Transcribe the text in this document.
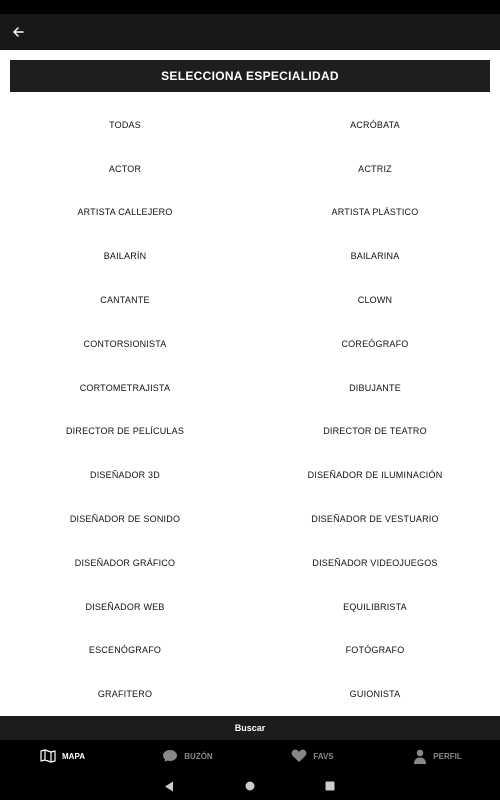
SELECCIONA ESPECIALIDAD
TODAS	ACRÓBATA
ACTOR	ACTRIZ
ARTISTA CALLEJERO	ARTISTA PLÁSTICO
BAILARÍN	BAILARINA
CANTANTE	CLOWN
CONTORSIONISTA	COREÓGRAFO
CORTOMETRAJISTA	DIBUJANTE
DIRECTOR DE PELÍCULAS	DIRECTOR DE TEATRO
DISEÑADOR 3D	DISEÑADOR DE ILUMINACIÓN
DISEÑADOR DE SONIDO	DISEÑADOR DE VESTUARIO
DISEÑADOR GRÁFICO	DISEÑADOR VIDEOJUEGOS
DISEÑADOR WEB	EQUILIBRISTA
ESCENÓGRAFO	FOTÓGRAFO
GRAFITERO	GUIONISTA
Buscar
MAPA	BUZÓN	FAVS	PERFIL
